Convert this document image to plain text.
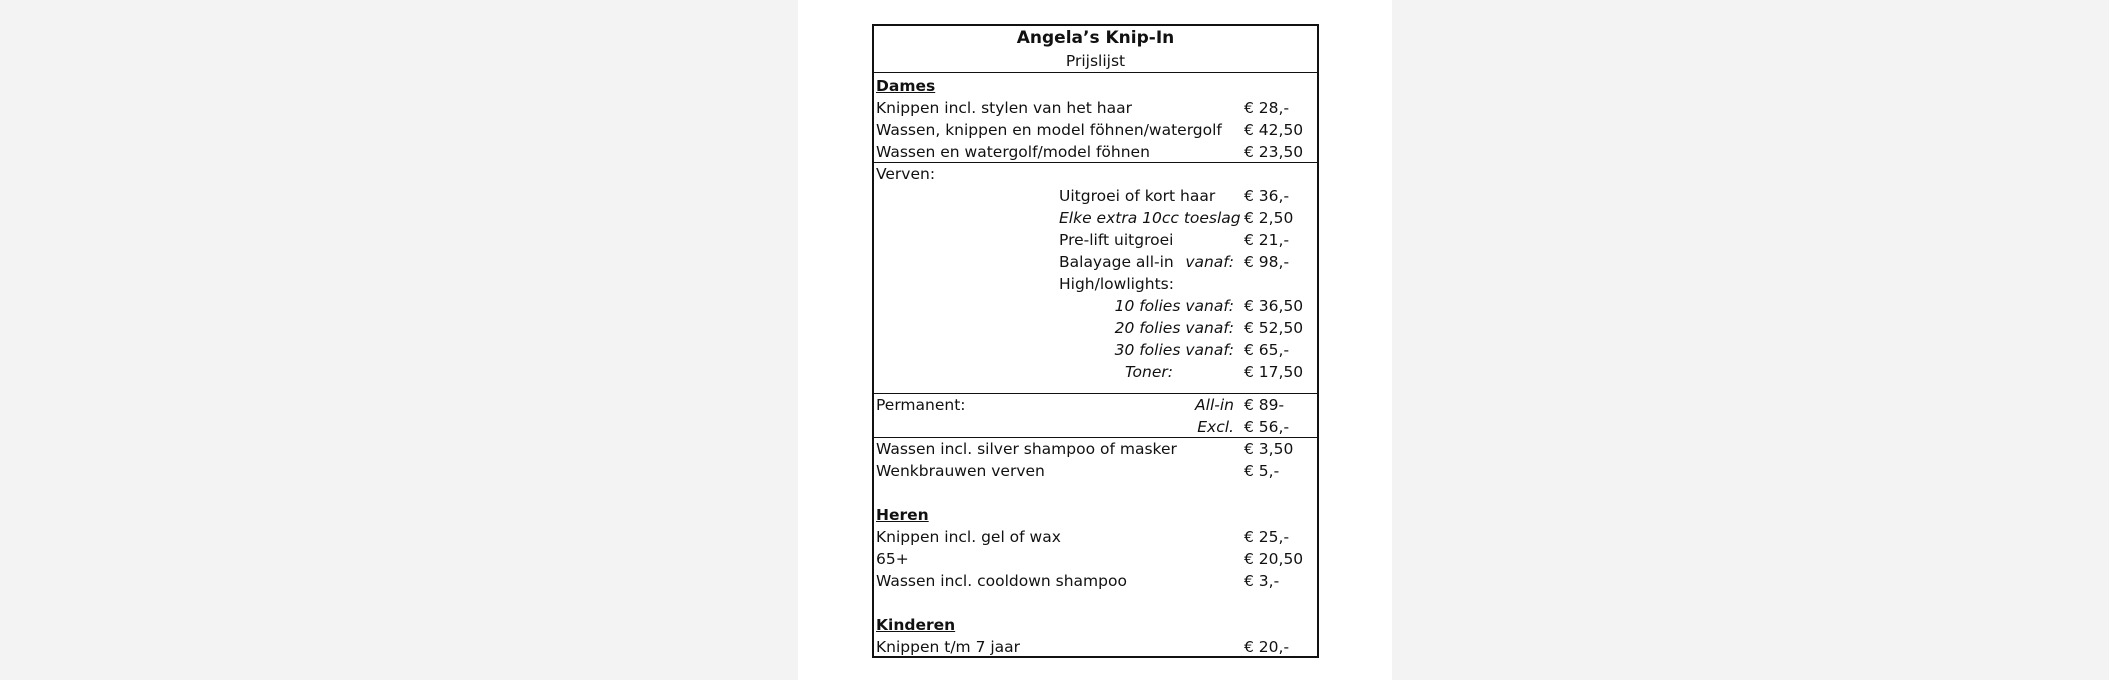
Angela’s Knip-In
Prijslijst
Dames
Knippen incl. stylen van het haar	€ 28,-
Wassen, knippen en model föhnen/watergolf € 42,50
Wassen en watergolf/model föhnen	€ 23,50
Verven:
Uitgroei of kort haar € 36,-
Elke extra 10cc toeslag € 2,50
Pre-lift uitgroei	€ 21,-
Balayage all-in vanaf: € 98,-
High/lowlights:
10 folies vanaf: € 36,50
20 folies vanaf: € 52,50
30 folies vanaf: € 65,-
Toner:	€ 17,50
Permanent:	All-in € 89-
Excl. € 56,-
Wassen incl. silver shampoo of masker	€ 3,50
Wenkbrauwen verven	€ 5,-
Heren
Knippen incl. gel of wax	€ 25,-
65+	€ 20,50
Wassen incl. cooldown shampoo	€ 3,-
Kinderen
Knippen t/m 7 jaar	€ 20,-
